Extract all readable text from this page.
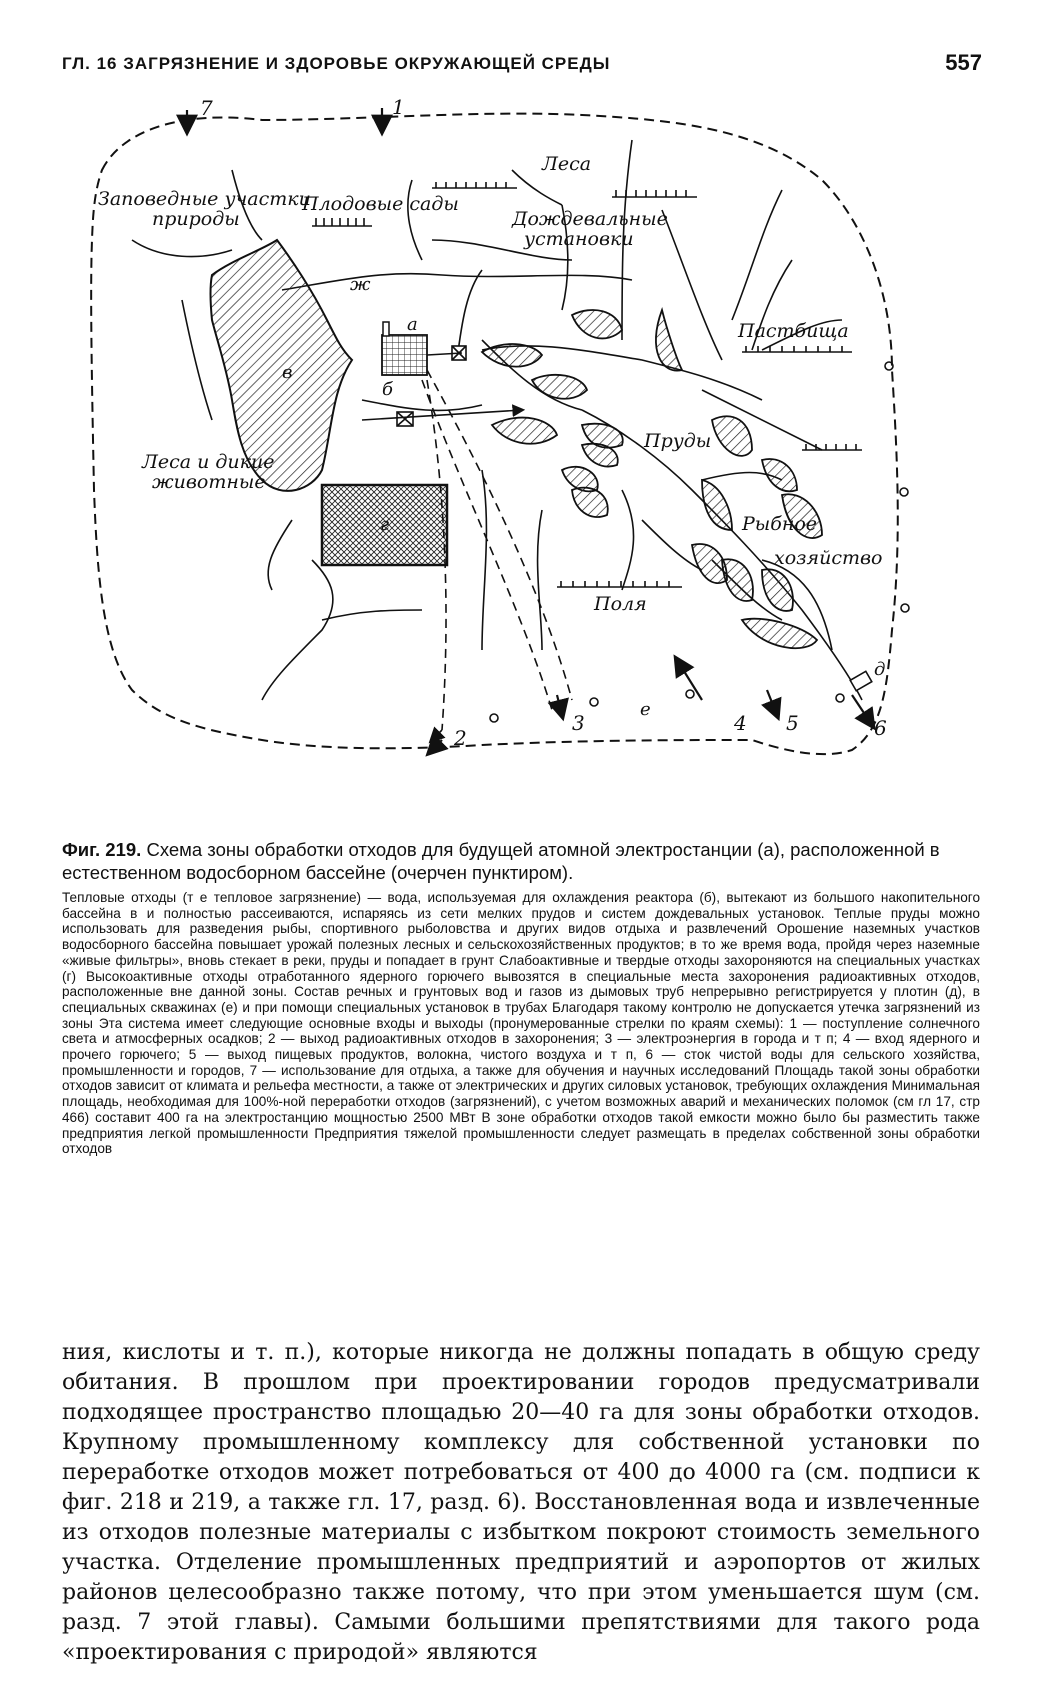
ГЛ. 16 ЗАГРЯЗНЕНИЕ И ЗДОРОВЬЕ ОКРУЖАЮЩЕЙ СРЕДЫ	557
в
г
а
б
ж
д
е
7	1
2
3	4 5	6
Заповедные участки
природы
Плодовые сады
Леса
Дождевальные
установки
Пастбища
Пруды
Леса и дикие
животные
Рыбное
хозяйство
Поля
Фиг. 219. Схема зоны обработки отходов для будущей атомной электростанции (а), расположенной в естественном водосборном бассейне (очерчен пунктиром).
Тепловые отходы (т е тепловое загрязнение) — вода, используемая для охлаждения реактора (б), вытекают из большого накопительного бассейна в и полностью рассеиваются, испаряясь из сети мелких прудов и систем дождевальных установок. Теплые пруды можно использовать для разведения рыбы, спортивного рыболовства и других видов отдыха и развлечений Орошение наземных участков водосборного бассейна повышает урожай полезных лесных и сельскохозяйственных продуктов; в то же время вода, пройдя через наземные «живые фильтры», вновь стекает в реки, пруды и попадает в грунт Слабоактивные и твердые отходы захороняются на специальных участках (г) Высокоактивные отходы отработанного ядерного горючего вывозятся в специальные места захоронения радиоактивных отходов, расположенные вне данной зоны. Состав речных и грунтовых вод и газов из дымовых труб непрерывно регистрируется у плотин (д), в специальных скважинах (е) и при помощи специальных установок в трубах Благодаря такому контролю не допускается утечка загрязнений из зоны Эта система имеет следующие основные входы и выходы (пронумерованные стрелки по краям схемы): 1 — поступление солнечного света и атмосферных осадков; 2 — выход радиоактивных отходов в захоронения; 3 — электроэнергия в города и т п; 4 — вход ядерного и прочего горючего; 5 — выход пищевых продуктов, волокна, чистого воздуха и т п, 6 — сток чистой воды для сельского хозяйства, промышленности и городов, 7 — использование для отдыха, а также для обучения и научных исследований Площадь такой зоны обработки отходов зависит от климата и рельефа местности, а также от электрических и других силовых установок, требующих охлаждения Минимальная площадь, необходимая для 100%-ной переработки отходов (загрязнений), с учетом возможных аварий и механических поломок (см гл 17, стр 466) составит 400 га на электростанцию мощностью 2500 МВт В зоне обработки отходов такой емкости можно было бы разместить также предприятия легкой промышленности Предприятия тяжелой промышленности следует размещать в пределах собственной зоны обработки отходов
ния, кислоты и т. п.), которые никогда не должны попадать в общую среду обитания. В прошлом при проектировании городов предусматривали подходящее пространство площадью 20—40 га для зоны обработки отходов. Крупному промышленному комплексу для собственной установки по переработке отходов может потребоваться от 400 до 4000 га (см. подписи к фиг. 218 и 219, а также гл. 17, разд. 6). Восстановленная вода и извлеченные из отходов полезные материалы с избытком покроют стоимость земельного участка. Отделение промышленных предприятий и аэропортов от жилых районов целесообразно также потому, что при этом уменьшается шум (см. разд. 7 этой главы). Самыми большими препятствиями для такого рода «проектирования с природой» являются
